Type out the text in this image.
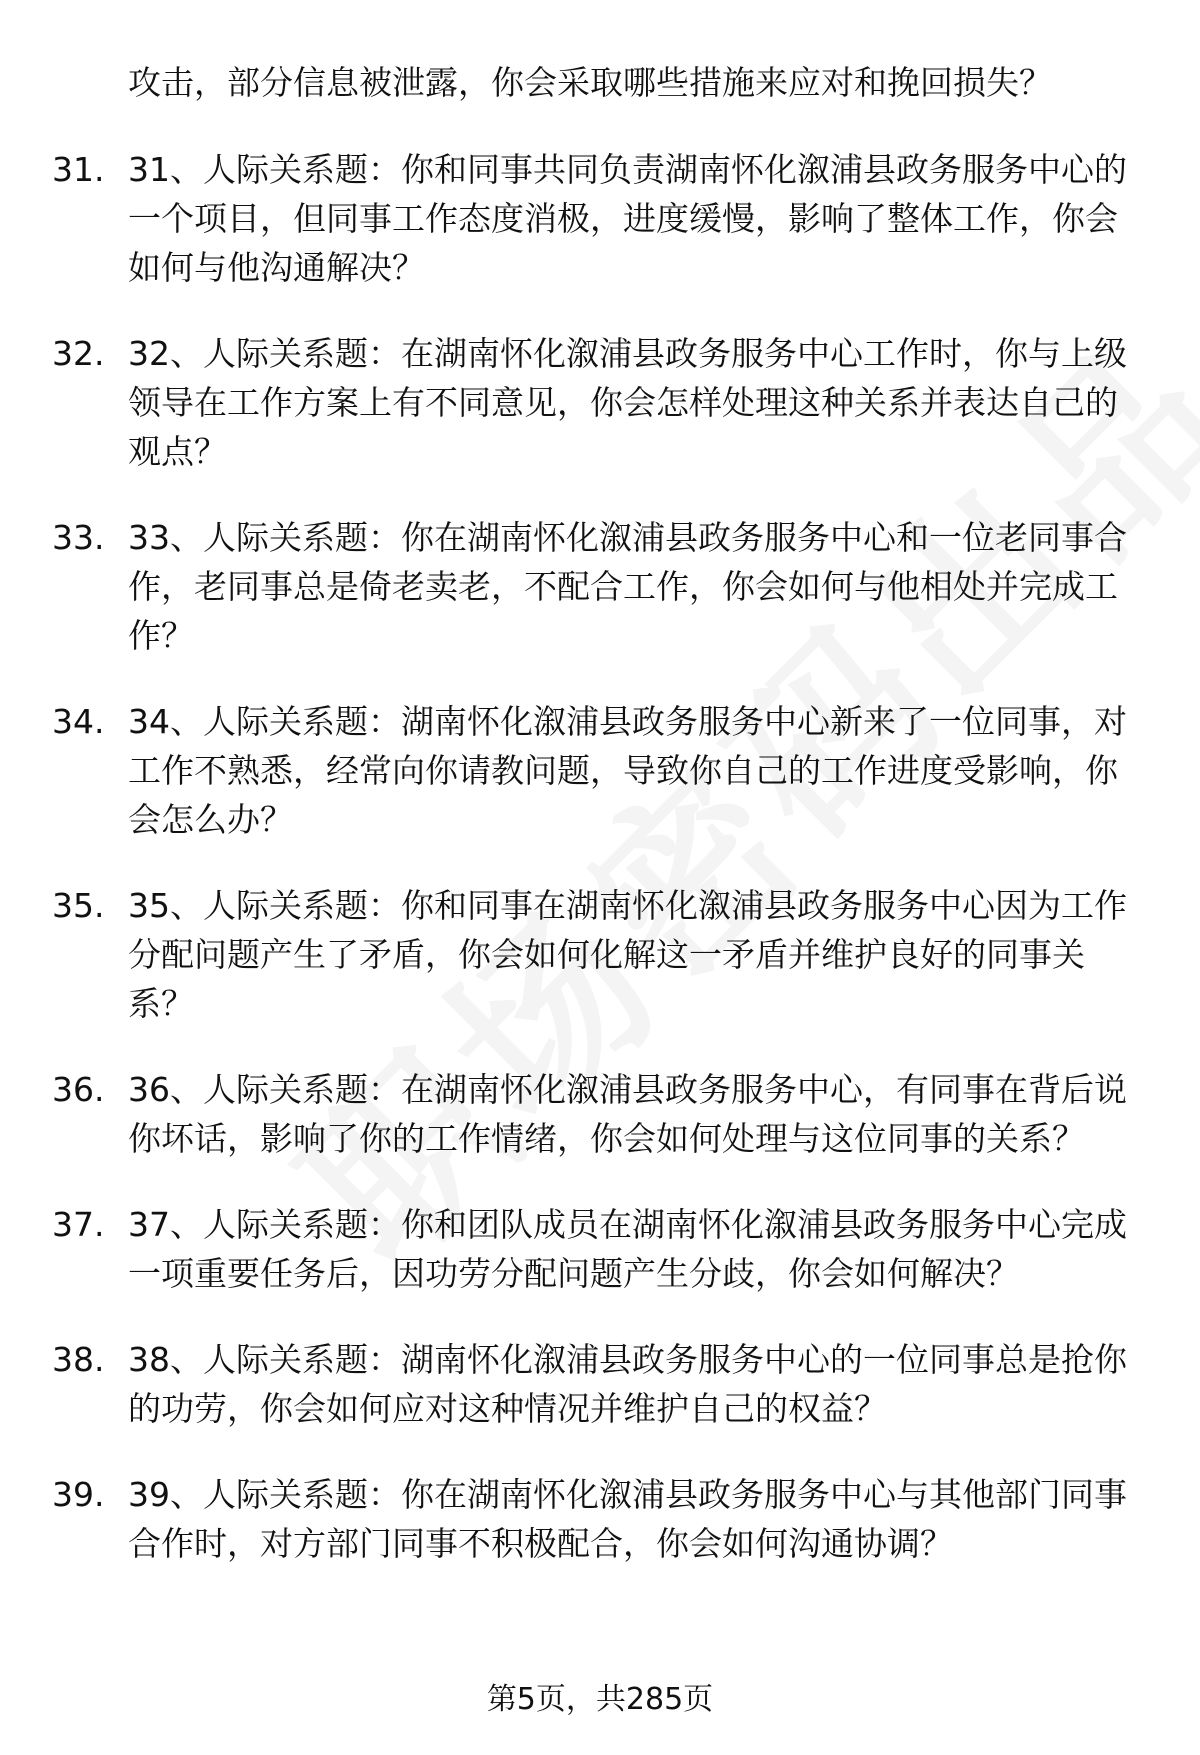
攻击，部分信息被泄露，你会采取哪些措施来应对和挽回损失？
31. 31、人际关系题：你和同事共同负责湖南怀化溆浦县政务服务中心的一个项目，但同事工作态度消极，进度缓慢，影响了整体工作，你会如何与他沟通解决？
32. 32、人际关系题：在湖南怀化溆浦县政务服务中心工作时，你与上级领导在工作方案上有不同意见，你会怎样处理这种关系并表达自己的观点？
33. 33、人际关系题：你在湖南怀化溆浦县政务服务中心和一位老同事合作，老同事总是倚老卖老，不配合工作，你会如何与他相处并完成工作？
34. 34、人际关系题：湖南怀化溆浦县政务服务中心新来了一位同事，对工作不熟悉，经常向你请教问题，导致你自己的工作进度受影响，你会怎么办？
35. 35、人际关系题：你和同事在湖南怀化溆浦县政务服务中心因为工作分配问题产生了矛盾，你会如何化解这一矛盾并维护良好的同事关系？
36. 36、人际关系题：在湖南怀化溆浦县政务服务中心，有同事在背后说你坏话，影响了你的工作情绪，你会如何处理与这位同事的关系？
37. 37、人际关系题：你和团队成员在湖南怀化溆浦县政务服务中心完成一项重要任务后，因功劳分配问题产生分歧，你会如何解决？
38. 38、人际关系题：湖南怀化溆浦县政务服务中心的一位同事总是抢你的功劳，你会如何应对这种情况并维护自己的权益？
39. 39、人际关系题：你在湖南怀化溆浦县政务服务中心与其他部门同事合作时，对方部门同事不积极配合，你会如何沟通协调？
第5页，共285页
